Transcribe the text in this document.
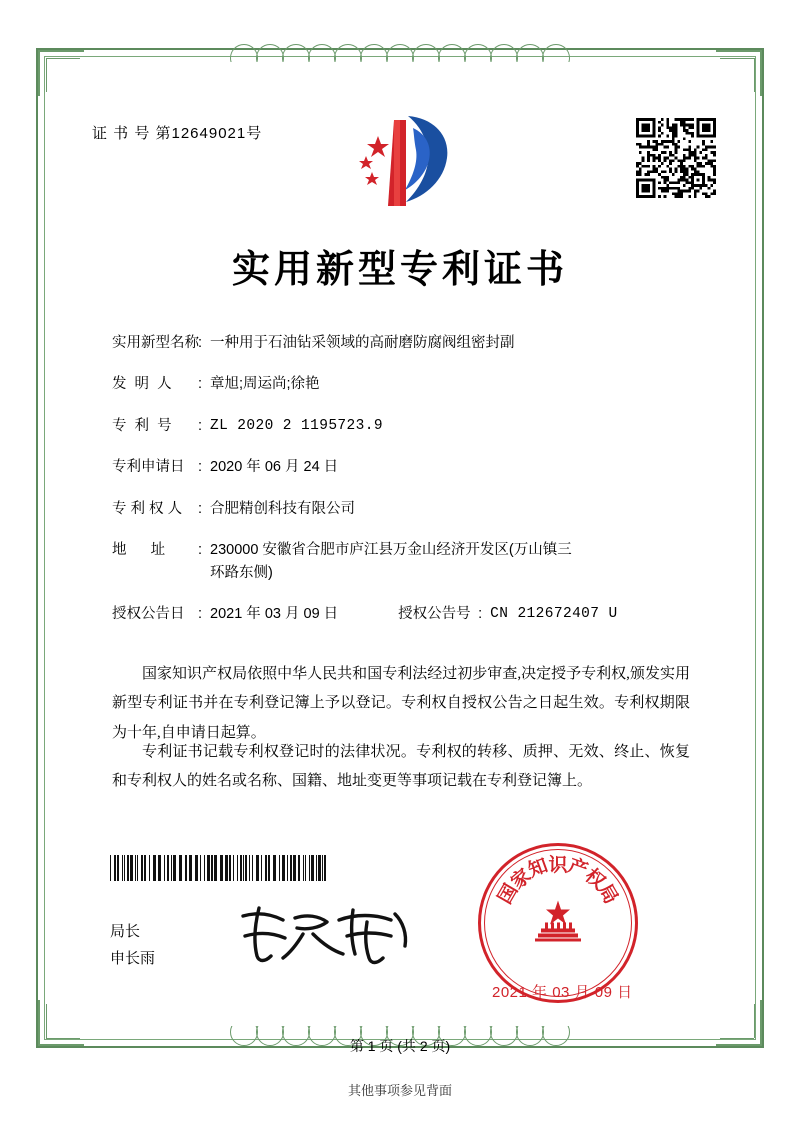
证 书 号 第12649021号
实用新型专利证书
实用新型名称 : 一种用于石油钻采领域的高耐磨防腐阀组密封副
发  明  人	: 章旭;周运尚;徐艳
专  利  号	: ZL 2020 2 1195723.9
专利申请日 : 2020 年 06 月 24 日
专 利 权 人	: 合肥精创科技有限公司
地      址	: 230000 安徽省合肥市庐江县万金山经济开发区(万山镇三
环路东侧)
授权公告日 : 2021 年 03 月 09 日	授权公告号 : CN 212672407 U
国家知识产权局依照中华人民共和国专利法经过初步审查,决定授予专利权,颁发实用新型专利证书并在专利登记簿上予以登记。专利权自授权公告之日起生效。专利权期限为十年,自申请日起算。
专利证书记载专利权登记时的法律状况。专利权的转移、质押、无效、终止、恢复和专利权人的姓名或名称、国籍、地址变更等事项记载在专利登记簿上。
局长
申长雨
国
家
知
识
产
权
局
2021 年 03 月 09 日
第 1 页 (共 2 页)
其他事项参见背面
